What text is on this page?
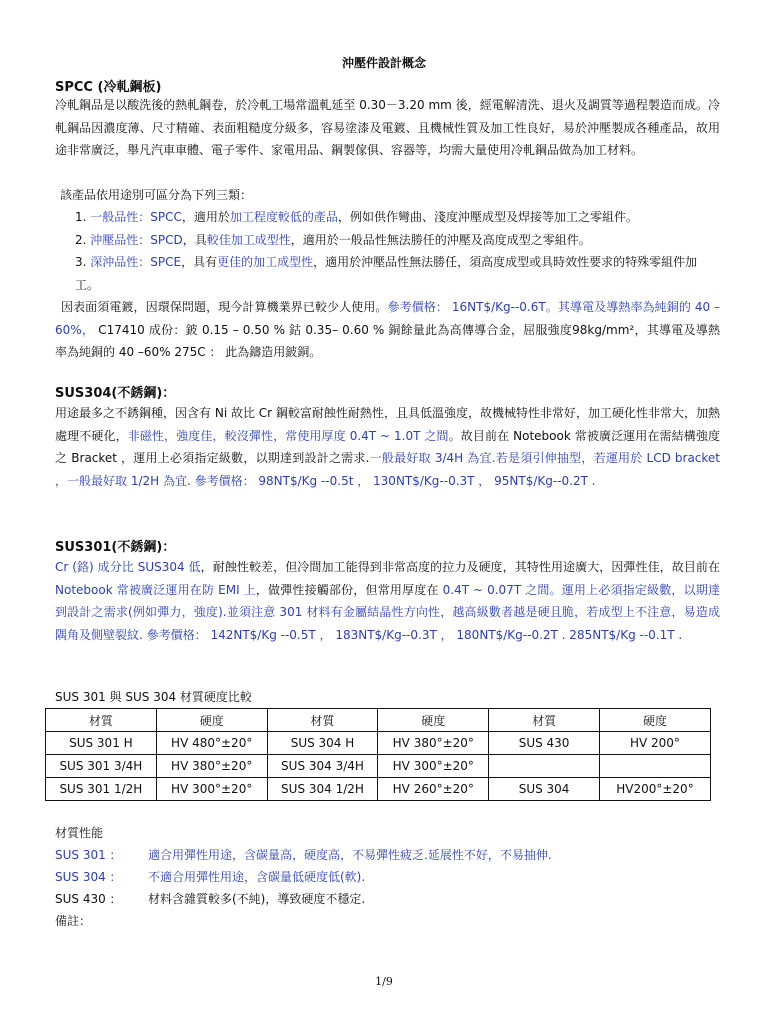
沖壓件設計概念
SPCC (冷軋鋼板)
冷軋鋼品是以酸洗後的熱軋鋼卷，於冷軋工場常溫軋延至 0.30－3.20 mm 後，經電解清洗、退火及調質等過程製造而成。冷軋鋼品因濃度薄、尺寸精確、表面粗糙度分級多，容易塗漆及電鍍、且機械性質及加工性良好，易於沖壓製成各種產品，故用途非常廣泛，舉凡汽車車體、電子零件、家電用品、鋼製傢俱、容器等，均需大量使用冷軋鋼品做為加工材料。
該產品依用途別可區分為下列三類：
1. 一般品性：SPCC，適用於加工程度較低的產品，例如供作彎曲、淺度沖壓成型及焊接等加工之零組件。
2. 沖壓品性：SPCD，具較佳加工成型性，適用於一般品性無法勝任的沖壓及高度成型之零組件。
3. 深沖品性：SPCE，具有更佳的加工成型性，適用於沖壓品性無法勝任，須高度成型或具時效性要求的特殊零組件加工。
因表面須電鍍，因環保問題，現今計算機業界已較少人使用。參考價格： 16NT$/Kg--0.6T。其導電及導熱率為純銅的 40 –60%， C17410 成份：鈹 0.15 – 0.50 % 鈷 0.35– 0.60 % 銅餘量此為高傳導合金，屈服強度98kg/mm²，其導電及導熱率為純銅的 40 –60% 275C ： 此為鑄造用鈹銅。
SUS304(不銹鋼)：
用途最多之不銹鋼種，因含有 Ni 故比 Cr 鋼較富耐蝕性耐熱性，且具低溫強度，故機械特性非常好，加工硬化性非常大，加熱處理不硬化，非磁性，強度佳，較沒彈性，常使用厚度 0.4T ~ 1.0T 之間。故目前在 Notebook 常被廣泛運用在需結構強度之 Bracket ，運用上必須指定級數，以期達到設計之需求.一般最好取 3/4H 為宜.若是須引伸抽型，若運用於 LCD bracket ，一般最好取 1/2H 為宜. 參考價格： 98NT$/Kg --0.5t ， 130NT$/Kg--0.3T ， 95NT$/Kg--0.2T .
SUS301(不銹鋼)：
Cr (鉻) 成分比 SUS304 低，耐蝕性較差，但冷間加工能得到非常高度的拉力及硬度，其特性用途廣大，因彈性佳，故目前在 Notebook 常被廣泛運用在防 EMI 上，做彈性接觸部份，但常用厚度在 0.4T ~ 0.07T 之間。運用上必須指定級數，以期達到設計之需求(例如彈力，強度).並須注意 301 材料有金屬結晶性方向性，越高級數者越是硬且脆，若成型上不注意，易造成隅角及側壁裂紋. 參考價格： 142NT$/Kg --0.5T ， 183NT$/Kg--0.3T ， 180NT$/Kg--0.2T . 285NT$/Kg --0.1T .
SUS 301 與 SUS 304 材質硬度比較
材質	硬度	材質	硬度	材質	硬度
SUS 301 H	HV 480°±20°	SUS 304 H	HV 380°±20°	SUS 430	HV 200°
SUS 301 3/4H	HV 380°±20°	SUS 304 3/4H	HV 300°±20°		
SUS 301 1/2H	HV 300°±20°	SUS 304 1/2H	HV 260°±20°	SUS 304	HV200°±20°
材質性能
SUS 301 ： 適合用彈性用途，含碳量高，硬度高，不易彈性疲乏.延展性不好，不易抽伸.
SUS 304 ： 不適合用彈性用途，含碳量低硬度低(軟).
SUS 430 ： 材料含雜質較多(不純)，導致硬度不穩定.
備註：
1/9
